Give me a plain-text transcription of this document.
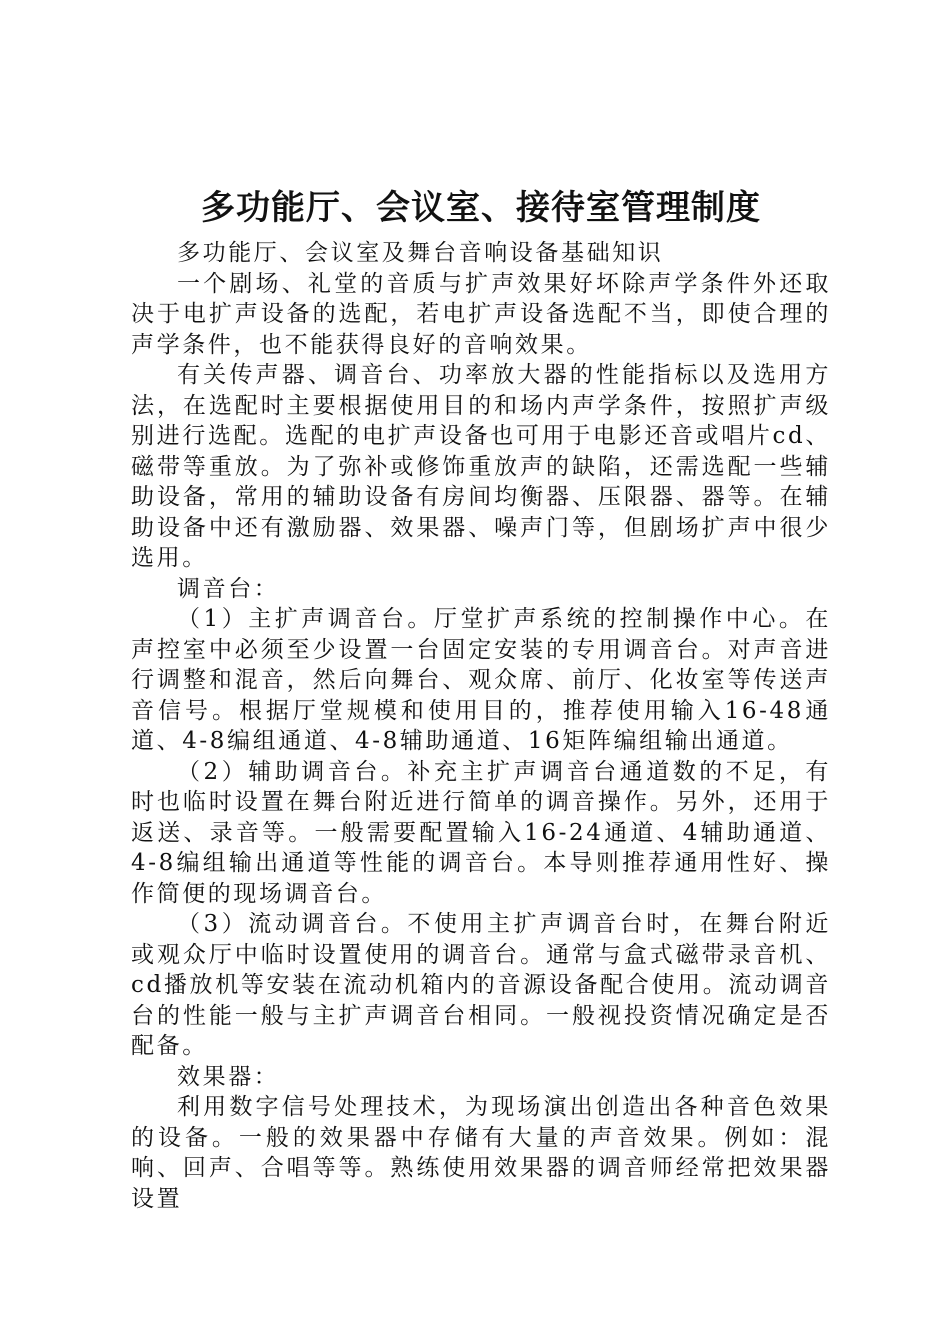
多功能厅、会议室、接待室管理制度

多功能厅、会议室及舞台音响设备基础知识

一个剧场、礼堂的音质与扩声效果好坏除声学条件外还取决于电扩声设备的选配，若电扩声设备选配不当，即使合理的声学条件，也不能获得良好的音响效果。

有关传声器、调音台、功率放大器的性能指标以及选用方法，在选配时主要根据使用目的和场内声学条件，按照扩声级别进行选配。选配的电扩声设备也可用于电影还音或唱片cd、磁带等重放。为了弥补或修饰重放声的缺陷，还需选配一些辅助设备，常用的辅助设备有房间均衡器、压限器、器等。在辅助设备中还有激励器、效果器、噪声门等，但剧场扩声中很少选用。

调音台：

（1）主扩声调音台。厅堂扩声系统的控制操作中心。在声控室中必须至少设置一台固定安装的专用调音台。对声音进行调整和混音，然后向舞台、观众席、前厅、化妆室等传送声音信号。根据厅堂规模和使用目的，推荐使用输入16-48通道、4-8编组通道、4-8辅助通道、16矩阵编组输出通道。

（2）辅助调音台。补充主扩声调音台通道数的不足，有时也临时设置在舞台附近进行简单的调音操作。另外，还用于返送、录音等。一般需要配置输入16-24通道、4辅助通道、4-8编组输出通道等性能的调音台。本导则推荐通用性好、操作简便的现场调音台。

（3）流动调音台。不使用主扩声调音台时，在舞台附近或观众厅中临时设置使用的调音台。通常与盒式磁带录音机、cd播放机等安装在流动机箱内的音源设备配合使用。流动调音台的性能一般与主扩声调音台相同。一般视投资情况确定是否配备。

效果器：

利用数字信号处理技术，为现场演出创造出各种音色效果的设备。一般的效果器中存储有大量的声音效果。例如：混响、回声、合唱等等。熟练使用效果器的调音师经常把效果器设置
